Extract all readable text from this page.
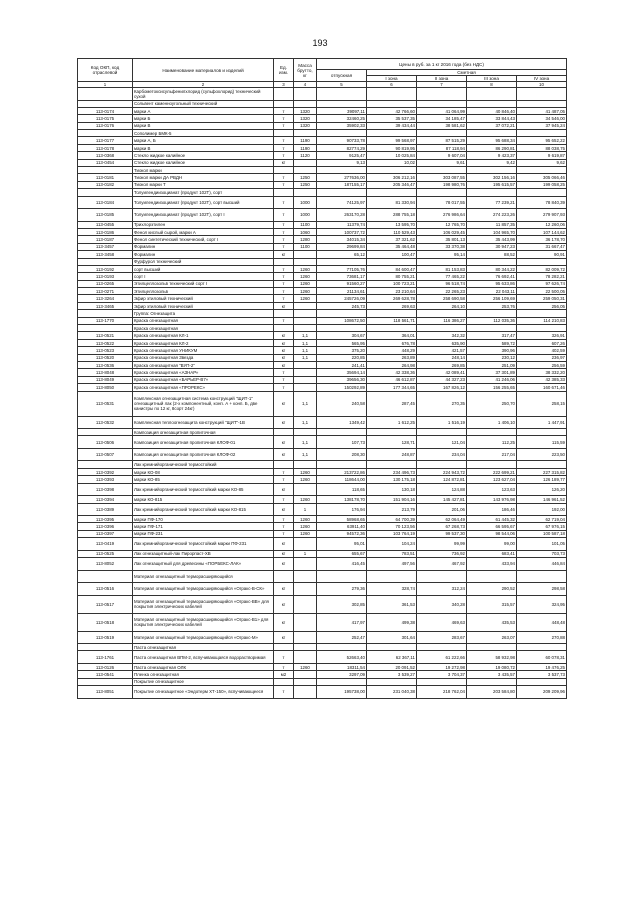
193
Код ОКП, код отраслевой	Наименование материалов и изделий	Ед. изм.	Масса брутто, кг	Цены в руб. за 1 кг 2016 года (без НДС)				
				отпускная	Сметная			
					I зона	II зона	III зона	IV зона
1	2	3	4	5	6	7	8	10
	Карбометоксисульфенилхлорид (сульфохлорид) технический сухой							
	Сольвент каменноугольный технический							
113-0174	марки А	т	1320	39097,11	42 766,60	41 064,99	40 846,40	41 487,05
113-0175	марки Б	т	1320	32460,25	35 537,35	34 185,47	33 844,43	34 546,00
113-0176	марки В	т	1320	35902,33	39 434,44	38 581,62	37 072,21	37 945,24
	Сополимер БМК-5							
113-0177	марки А, Б	т	1190	90733,78	99 568,97	87 515,29	95 688,34	95 652,22
113-0178	марки В	т	1190	82774,29	90 819,95	87 118,94	86 290,81	88 038,75
113-0368	Стекло жидкое калийное	т	1120	9125,47	10 025,84	9 607,04	9 423,37	9 619,87
113-0454	Стекло жидкое калийное	кг		9,13	10,02	9,61	9,42	9,62
	Тиокол марки							
113-0181	Тиокол марки ДА РВДН	т	1250	277636,00	306 212,16	303 087,55	302 156,16	305 066,46
113-0182	Тиокол марки Т	т	1250	187155,17	205 346,47	198 980,76	195 615,57	199 058,25
	Толуилендиизоцианат (продукт 102Т), сорт							
113-0184	Толуилендиизоцианат (продукт 102Т), сорт высший	т	1000	74125,97	81 330,94	78 017,55	77 239,21	78 840,39
113-0185	Толуилендиизоцианат (продукт 102Т), сорт I	т	1000	263170,28	288 755,18	276 986,64	274 223,26	279 907,93
113-0455	Трихлорэтилен	т	1100	11379,74	13 595,70	12 765,70	11 857,35	12 260,06
113-0186	Фенол кислый сырой, марки А	т	1060	100737,72	110 529,43	106 029,45	104 965,70	107 144,62
113-0187	Фенол синтетический технический, сорт I	т	1280	34015,34	37 321,62	35 801,13	35 443,99	36 178,70
113-3457	Формалин	т	1100	29699,84	35 464,48	33 370,38	30 947,23	31 667,47
113-3458	Формалин	кг		65,12	100,47	95,14	88,52	90,91
	Фурфурол технический							
113-0192	сорт высший	т	1260	77105,76	84 600,47	81 153,83	80 344,22	82 009,72
113-0193	сорт I	т	1260	73681,17	80 755,21	77 465,22	76 692,41	78 282,21
113-0265	Этилцеллозольв технический сорт I	т	1260	91560,27	100 723,21	96 518,74	95 633,86	97 626,74
113-0271	Этилцеллозольв	т	1260	21134,61	23 210,64	22 265,23	22 043,11	22 500,05
113-3264	Эфир этиловый технический	т	1260	245726,09	269 628,78	258 690,58	256 109,69	259 050,31
113-3465	Эфир этиловый технический	кг		245,73	269,63	264,10	253,76	256,05
	Группа: Огнезащита							
113-1770	Краска огнезащитная	т		108672,50	118 561,71	116 386,27	112 035,36	114 210,83
	Краска огнезащитная							
113-0521	Краска огнезащитная КЛ-1	кг	1,1	304,67	364,01	342,32	317,47	326,91
113-0522	Краска огнезащитная КЛ-2	кг	1,1	565,95	676,78	635,90	589,72	607,26
113-0523	Краска огнезащитная УНИКУМ	кг	1,1	375,20	448,29	421,57	390,96	402,59
113-0520	Краска огнезащитная Звезда	кг	1,1	220,85	263,89	248,14	230,12	236,97
113-0536	Краска огнезащитная "ВУП-2"	кг		241,41	264,98	269,85	251,09	256,59
113-8048	Краска огнезащитная «АЗНАР»	т		35694,14	42 338,36	42 089,41	37 301,89	38 332,20
113-8049	Краска огнезащитная «БАРЬЕР-В7»	т		39656,30	46 612,87	44 327,23	41 246,06	42 385,33
113-8050	Краска огнезащитная «ПРОРЕКС»	т		150292,89	177 344,65	167 826,12	156 255,65	160 671,46
113-0531	Комплексная огнезащитная система конструкций "ЩИТ-1" огнезащитный лак (2-х компонентный, конп. А + конп. Б, две канистры по 12 кг, 8сорт 24кг)	кг	1,1	240,58	287,45	270,35	250,70	258,15
113-0532	Комплексная теплоогнезащита конструкций "ЩИТ"-1В	кг	1,1	1349,42	1 612,25	1 516,19	1 406,10	1 447,91
	Композиция огнезащитная пропиточная							
113-0506	Композиция огнезащитная пропиточная КЛОФ-01	кг	1,1	107,73	128,71	121,04	112,25	115,59
113-0507	Композиция огнезащитная пропиточная КЛОФ-02	кг	1,1	208,30	248,87	234,04	217,04	223,50
	Лак кремнийорганический термостойкий							
113-0392	марки КО-08	т	1260	213722,86	234 496,73	224 943,72	222 699,21	227 315,82
113-0393	марки КО-85	т	1260	118644,00	130 175,18	124 872,81	123 627,04	126 189,77
113-0398	Лак кремнийорганический термостойкий марки КО-85	кг		118,65	130,18	124,88	123,63	126,20
113-0394	марки КО-815	т	1260	138178,70	151 904,16	145 427,81	143 976,98	146 961,52
113-0389	Лак кремнийорганический термостойкий марки КО-815	кг	1	176,94	213,79	201,06	186,46	192,00
113-0395	марки ПФ-170	т	1260	58968,65	64 700,39	62 064,49	61 445,32	62 719,04
113-0396	марки ПФ-171	т	1260	63911,40	70 123,56	67 268,73	66 595,67	67 976,15
113-0397	марки ПФ-231	т	1260	94572,36	103 764,19	99 537,30	98 544,06	100 587,18
113-0419	Лак кремнийорганический термостойкий марки ПФ-231	кг		95,01	104,24	99,99	99,00	101,05
113-0525	Лак огнезащитный-лак Пирорпаст-ХВ	кг	1	655,67	783,51	736,92	683,41	703,73
113-8052	Лак огнезащитный для древесины «ПОРБЕКС-ЛАК»	кг		416,45	497,56	467,92	433,94	446,84
	Материал огнезащитный терморасширяющийся							
113-0516	Материал огнезащитный терморасширяющийся «Огракс-В-СК»	кг		279,36	328,74	312,24	290,52	298,58
113-0517	Материал огнезащитный терморасширяющийся «Огракс-ВВ» для покрытия электрических кабелей	кг		302,85	361,53	340,28	315,57	324,95
113-0518	Материал огнезащитный терморасширяющийся «Огракс-В1» для покрытия электрических кабелей	кг		417,97	499,38	469,63	435,53	448,48
113-0519	Материал огнезащитный терморасширяющийся «Огракс-М»	кг		252,47	301,64	283,67	263,07	270,88
	Паста огнезащитная							
113-1761	Паста огнезащитная ВПМ-2, вспучивающаяся водорастворимая	т		52663,40	62 367,11	61 222,66	58 932,98	60 078,31
113-0126	Паста огнезащитная ОЛК	т	1260	18311,54	20 091,52	19 272,98	19 080,72	19 476,25
113-0541	Пленка огнезащитная	м2		3297,09	3 539,27	3 704,37	3 435,57	3 537,73
	Покрытие огнезащитное							
113-8051	Покрытие огнезащитное «Эндотерм ХТ-150», вспучивающееся	т		195738,00	231 040,38	218 762,04	203 584,80	209 209,96
